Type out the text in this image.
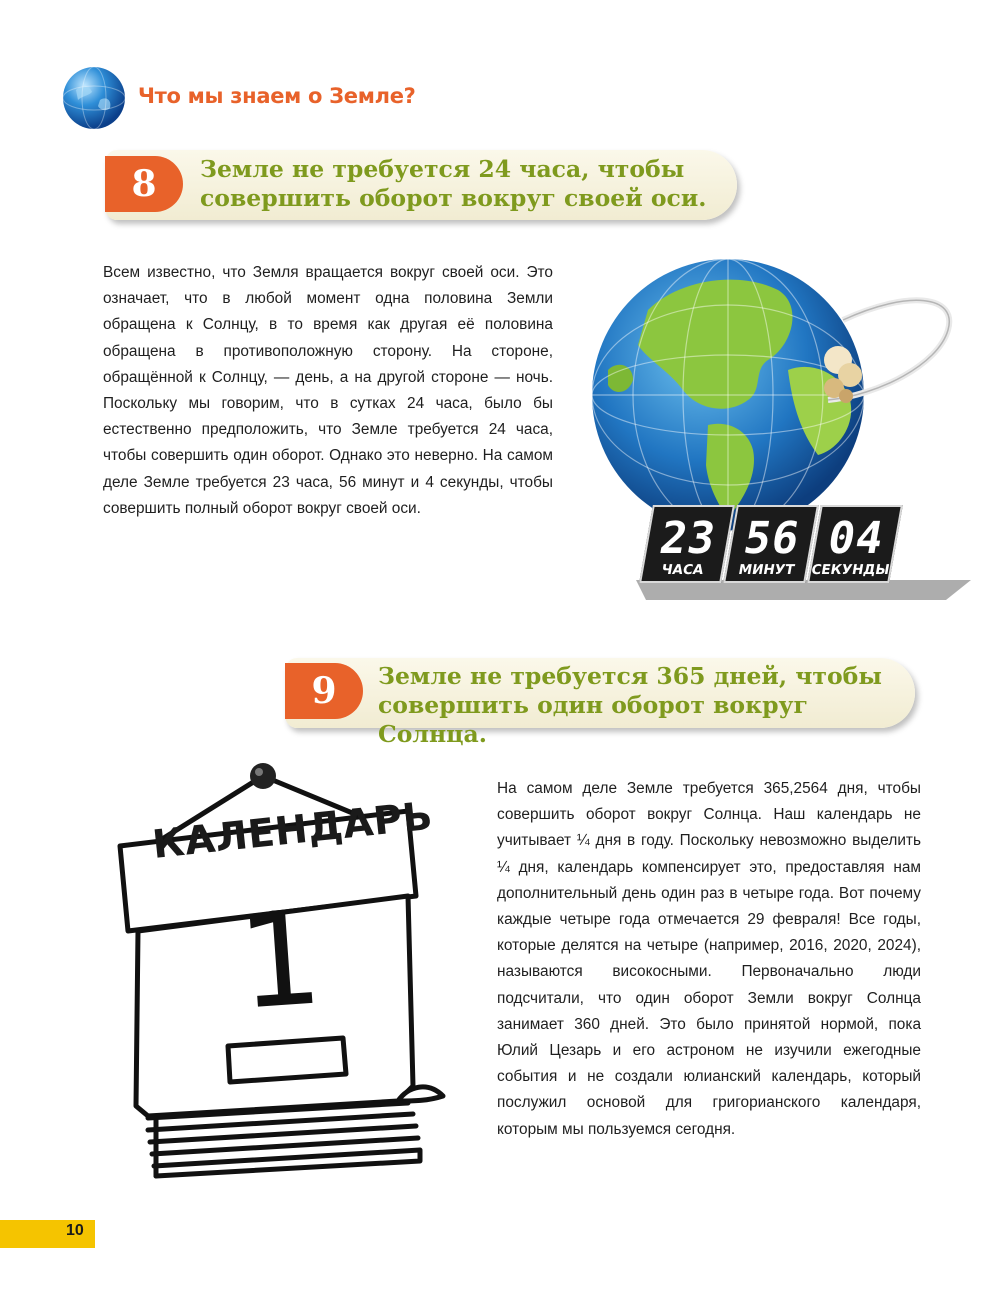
Что мы знаем о Земле?
8	Земле не требуется 24 часа, чтобы
совершить оборот вокруг своей оси.
Всем известно, что Земля вращается вокруг своей оси. Это означает, что в любой момент одна половина Земли обращена к Солнцу, в то время как другая её половина обращена в противоположную сторону. На стороне, обращённой к Солнцу, — день, а на другой стороне — ночь. Поскольку мы говорим, что в сутках 24 часа, было бы естественно предположить, что Земле требуется 24 часа, чтобы совершить один оборот. Однако это неверно. На самом деле Земле требуется 23 часа, 56 минут и 4 секунды, чтобы совершить полный оборот вокруг своей оси.
23
ЧАСА
56
МИНУТ
04
СЕКУНДЫ
9	Земле не требуется 365 дней, чтобы
совершить один оборот вокруг Солнца.
На самом деле Земле требуется 365,2564 дня, чтобы совершить оборот вокруг Солнца. Наш календарь не учитывает ¼ дня в году. Поскольку невозможно выделить ¼ дня, календарь компенсирует это, предоставляя нам дополнительный день один раз в четыре года. Вот почему каждые четыре года отмечается 29 февраля! Все годы, которые делятся на четыре (например, 2016, 2020, 2024), называются високосными. Первоначально люди подсчитали, что один оборот Земли вокруг Солнца занимает 360 дней. Это было принятой нормой, пока Юлий Цезарь и его астроном не изучили ежегодные события и не создали юлианский календарь, который послужил основой для григорианского календаря, которым мы пользуемся сегодня.
КАЛЕНДАРЬ
1
10
